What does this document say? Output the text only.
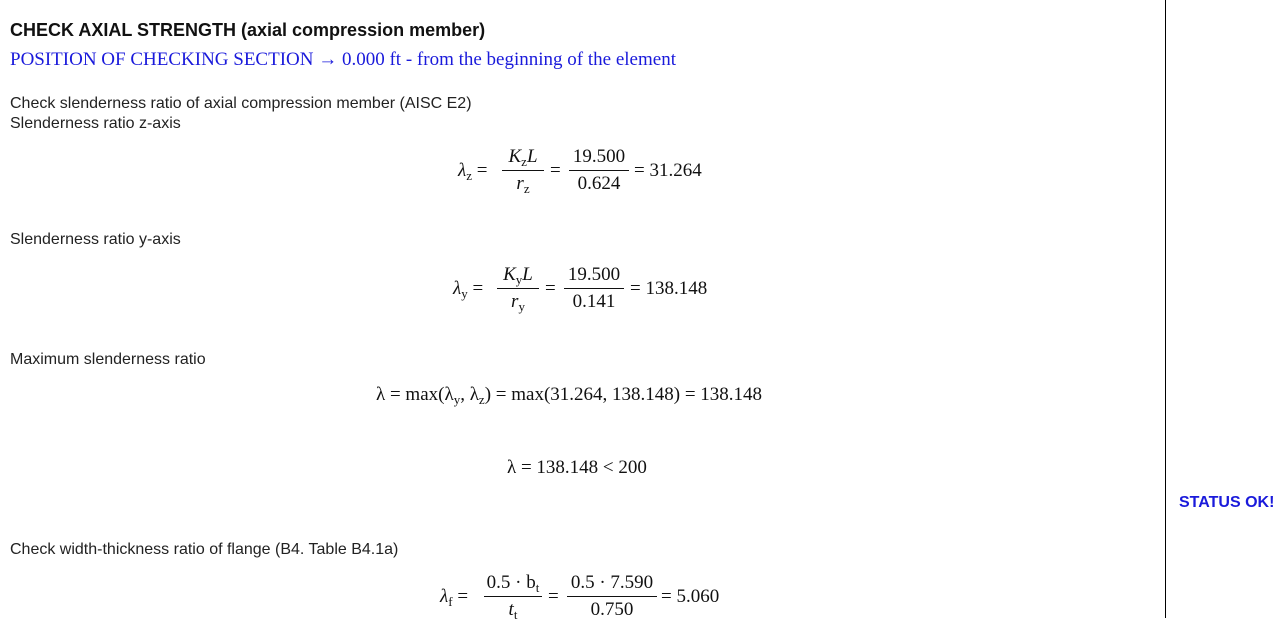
CHECK AXIAL STRENGTH (axial compression member)
POSITION OF CHECKING SECTION → 0.000 ft - from the beginning of the element
Check slenderness ratio of axial compression member (AISC E2)
Slenderness ratio z-axis
$\lambda_z$ =
$K_zL$
$r_z$
= $\frac{19.500}{0.624} = 31.264$
Slenderness ratio y-axis
$\lambda_y$ =
$K_yL$
$r_y$
= $\frac{19.500}{0.141} = 138.148$
Maximum slenderness ratio
$\lambda = \max(\lambda_y$, $\lambda_z) = \max(31.264$, 138.148) = 138.148
λ = 138.148 < 200
Check width-thickness ratio of flange (B4. Table B4.1a)
$\lambda_f = \frac{0.5 \cdot b_t}{t_t} = \frac{0.5 \cdot 7.590}{0.750} = 5.060$
STATUS OK!
